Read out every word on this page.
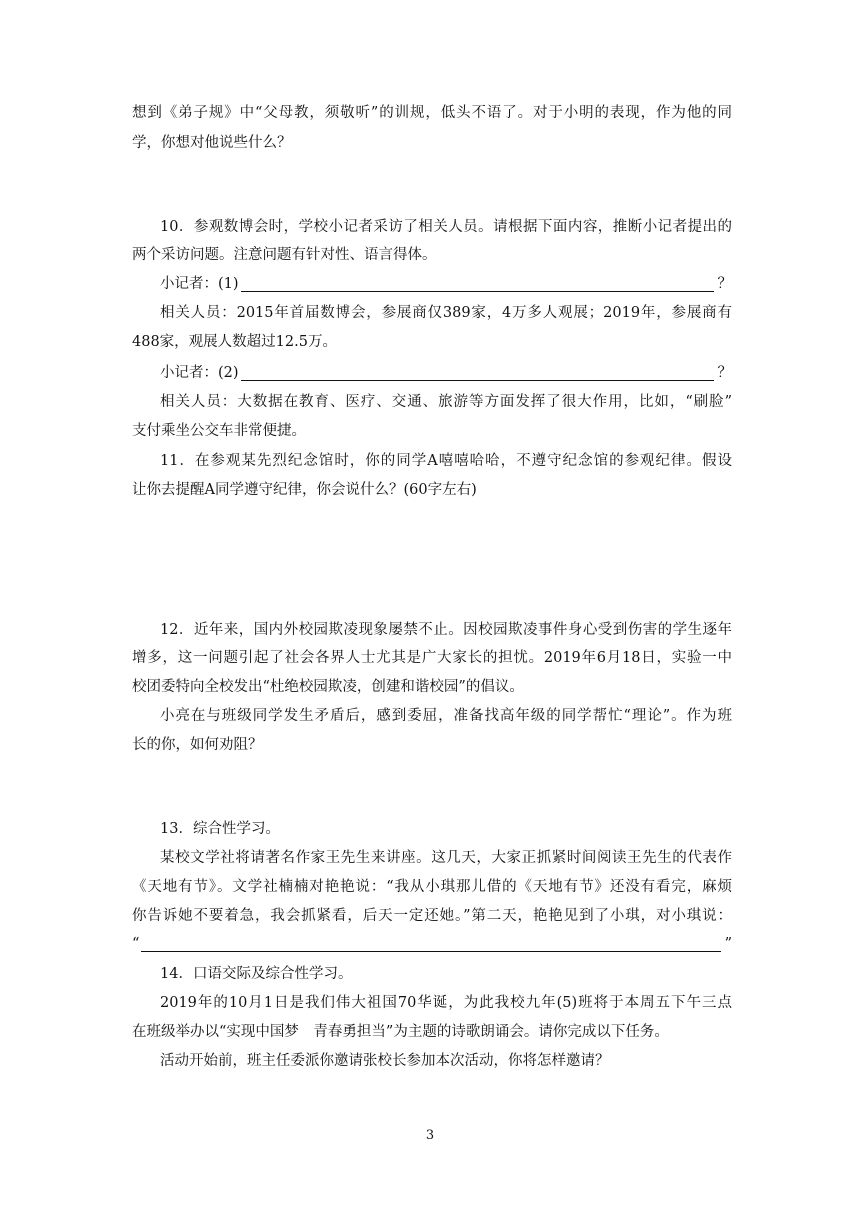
想到《弟子规》中“父母教，须敬听”的训规，低头不语了。对于小明的表现，作为他的同
学，你想对他说些什么？
10．参观数博会时，学校小记者采访了相关人员。请根据下面内容，推断小记者提出的
两个采访问题。注意问题有针对性、语言得体。
小记者：(1)	？
相关人员：2015年首届数博会，参展商仅389家，4万多人观展；2019年，参展商有
488家，观展人数超过12.5万。
小记者：(2)	？
相关人员：大数据在教育、医疗、交通、旅游等方面发挥了很大作用，比如，“刷脸”
支付乘坐公交车非常便捷。
11．在参观某先烈纪念馆时，你的同学A嘻嘻哈哈，不遵守纪念馆的参观纪律。假设
让你去提醒A同学遵守纪律，你会说什么？(60字左右)
12．近年来，国内外校园欺凌现象屡禁不止。因校园欺凌事件身心受到伤害的学生逐年
增多，这一问题引起了社会各界人士尤其是广大家长的担忧。2019年6月18日，实验一中
校团委特向全校发出“杜绝校园欺凌，创建和谐校园”的倡议。
小亮在与班级同学发生矛盾后，感到委屈，准备找高年级的同学帮忙“理论”。作为班
长的你，如何劝阻？
13．综合性学习。
某校文学社将请著名作家王先生来讲座。这几天，大家正抓紧时间阅读王先生的代表作
《天地有节》。文学社楠楠对艳艳说：“我从小琪那儿借的《天地有节》还没有看完，麻烦
你告诉她不要着急，我会抓紧看，后天一定还她。”第二天，艳艳见到了小琪，对小琪说：
“	”
14．口语交际及综合性学习。
2019年的10月1日是我们伟大祖国70华诞，为此我校九年(5)班将于本周五下午三点
在班级举办以“实现中国梦　青春勇担当”为主题的诗歌朗诵会。请你完成以下任务。
活动开始前，班主任委派你邀请张校长参加本次活动，你将怎样邀请？
3
